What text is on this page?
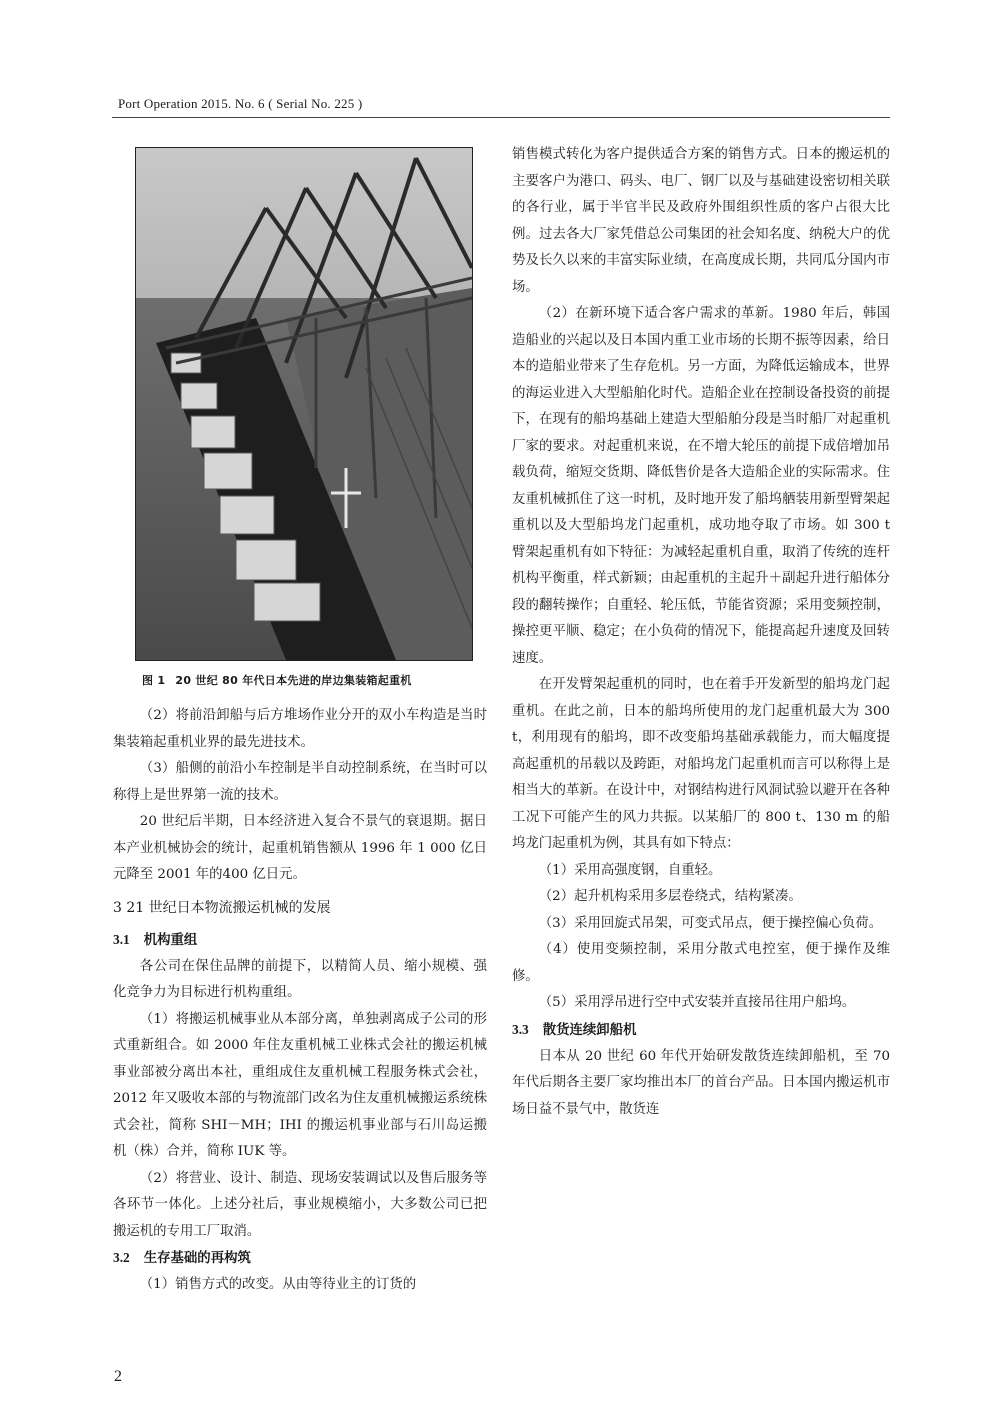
Port Operation 2015. No. 6 ( Serial No. 225 )
图 1 20 世纪 80 年代日本先进的岸边集装箱起重机

（2）将前沿卸船与后方堆场作业分开的双小车构造是当时集装箱起重机业界的最先进技术。

（3）船侧的前沿小车控制是半自动控制系统，在当时可以称得上是世界第一流的技术。

20 世纪后半期，日本经济进入复合不景气的衰退期。据日本产业机械协会的统计，起重机销售额从 1996 年 1 000 亿日元降至 2001 年的400 亿日元。

3 21 世纪日本物流搬运机械的发展
3.1 机构重组

各公司在保住品牌的前提下，以精简人员、缩小规模、强化竞争力为目标进行机构重组。

（1）将搬运机械事业从本部分离，单独剥离成子公司的形式重新组合。如 2000 年住友重机械工业株式会社的搬运机械事业部被分离出本社，重组成住友重机械工程服务株式会社，2012 年又吸收本部的与物流部门改名为住友重机械搬运系统株式会社，简称 SHI－MH；IHI 的搬运机事业部与石川岛运搬机（株）合并，简称 IUK 等。

（2）将营业、设计、制造、现场安装调试以及售后服务等各环节一体化。上述分社后，事业规模缩小，大多数公司已把搬运机的专用工厂取消。

3.2 生存基础的再构筑

（1）销售方式的改变。从由等待业主的订货的

销售模式转化为客户提供适合方案的销售方式。日本的搬运机的主要客户为港口、码头、电厂、钢厂以及与基础建设密切相关联的各行业，属于半官半民及政府外围组织性质的客户占很大比例。过去各大厂家凭借总公司集团的社会知名度、纳税大户的优势及长久以来的丰富实际业绩，在高度成长期，共同瓜分国内市场。

（2）在新环境下适合客户需求的革新。1980 年后，韩国造船业的兴起以及日本国内重工业市场的长期不振等因素，给日本的造船业带来了生存危机。另一方面，为降低运输成本，世界的海运业进入大型船舶化时代。造船企业在控制设备投资的前提下，在现有的船坞基础上建造大型船舶分段是当时船厂对起重机厂家的要求。对起重机来说，在不增大轮压的前提下成倍增加吊载负荷，缩短交货期、降低售价是各大造船企业的实际需求。住友重机械抓住了这一时机，及时地开发了船坞舾装用新型臂架起重机以及大型船坞龙门起重机，成功地夺取了市场。如 300 t 臂架起重机有如下特征：为减轻起重机自重，取消了传统的连杆机构平衡重，样式新颖；由起重机的主起升＋副起升进行船体分段的翻转操作；自重轻、轮压低，节能省资源；采用变频控制，操控更平顺、稳定；在小负荷的情况下，能提高起升速度及回转速度。

在开发臂架起重机的同时，也在着手开发新型的船坞龙门起重机。在此之前，日本的船坞所使用的龙门起重机最大为 300 t，利用现有的船坞，即不改变船坞基础承载能力，而大幅度提高起重机的吊载以及跨距，对船坞龙门起重机而言可以称得上是相当大的革新。在设计中，对钢结构进行风洞试验以避开在各种工况下可能产生的风力共振。以某船厂的 800 t、130 m 的船坞龙门起重机为例，其具有如下特点：

（1）采用高强度钢，自重轻。

（2）起升机构采用多层卷绕式，结构紧凑。

（3）采用回旋式吊架，可变式吊点，便于操控偏心负荷。

（4）使用变频控制，采用分散式电控室，便于操作及维修。

（5）采用浮吊进行空中式安装并直接吊往用户船坞。

3.3 散货连续卸船机

日本从 20 世纪 60 年代开始研发散货连续卸船机，至 70 年代后期各主要厂家均推出本厂的首台产品。日本国内搬运机市场日益不景气中，散货连

2
